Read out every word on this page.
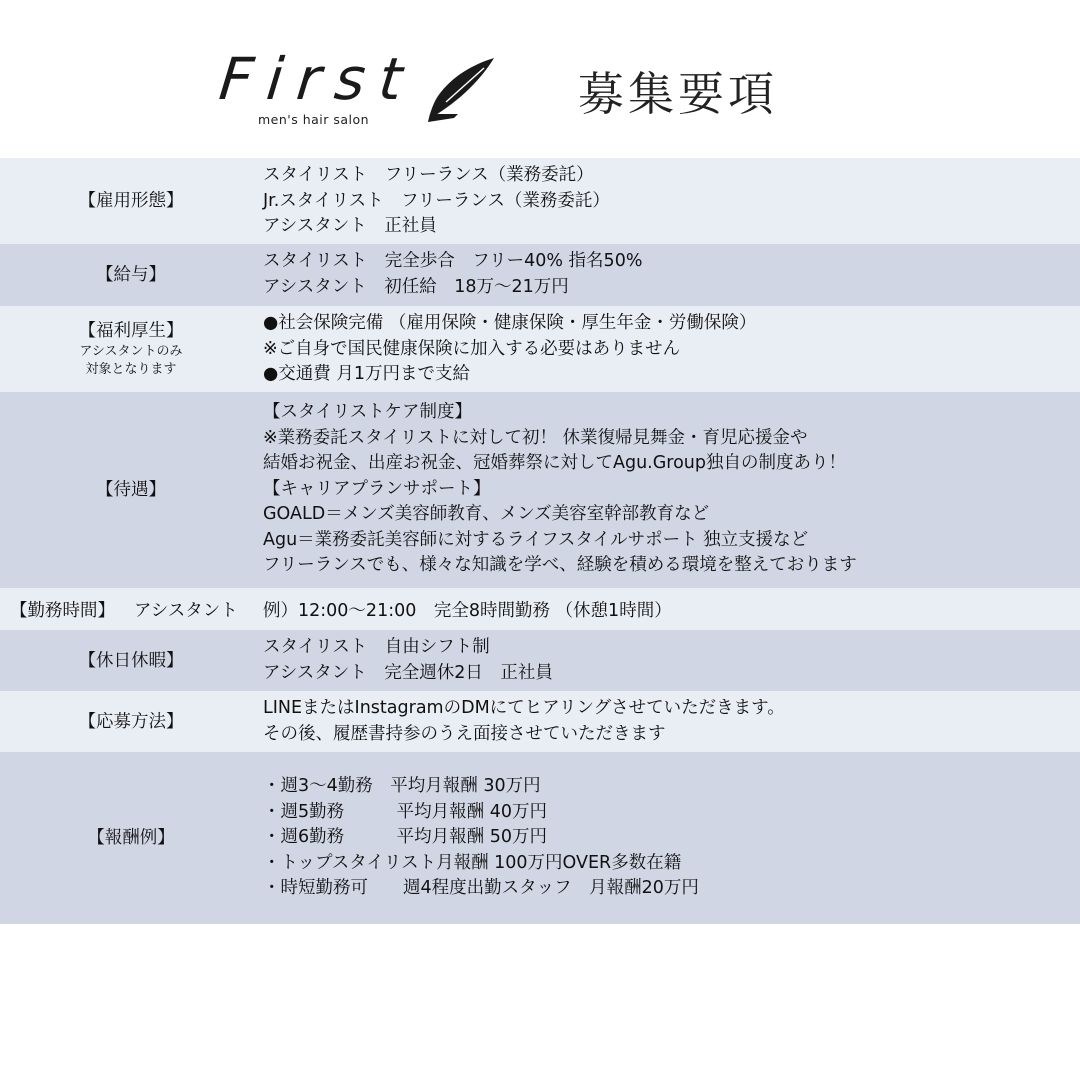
First
men's hair salon	募集要項
【雇用形態】
スタイリスト　フリーランス（業務委託）
Jr.スタイリスト　フリーランス（業務委託）
アシスタント　正社員
【給与】
スタイリスト　完全歩合　フリー40% 指名50%
アシスタント　初任給　18万〜21万円
【福利厚生】
アシスタントのみ
対象となります
●社会保険完備 （雇用保険・健康保険・厚生年金・労働保険）
※ご自身で国民健康保険に加入する必要はありません
●交通費 月1万円まで支給
【待遇】
【スタイリストケア制度】
※業務委託スタイリストに対して初！ 休業復帰見舞金・育児応援金や
結婚お祝金、出産お祝金、冠婚葬祭に対してAgu.Group独自の制度あり！
【キャリアプランサポート】
GOALD＝メンズ美容師教育、メンズ美容室幹部教育など
Agu＝業務委託美容師に対するライフスタイルサポート 独立支援など
フリーランスでも、様々な知識を学べ、経験を積める環境を整えております
【勤務時間】 アシスタント 例）12:00〜21:00　完全8時間勤務 （休憩1時間）
【休日休暇】
スタイリスト　自由シフト制
アシスタント　完全週休2日　正社員
【応募方法】
LINEまたはInstagramのDMにてヒアリングさせていただきます。
その後、履歴書持参のうえ面接させていただきます
【報酬例】
・週3〜4勤務　平均月報酬 30万円
・週5勤務　　　平均月報酬 40万円
・週6勤務　　　平均月報酬 50万円
・トップスタイリスト月報酬 100万円OVER多数在籍
・時短勤務可　　週4程度出勤スタッフ　月報酬20万円
